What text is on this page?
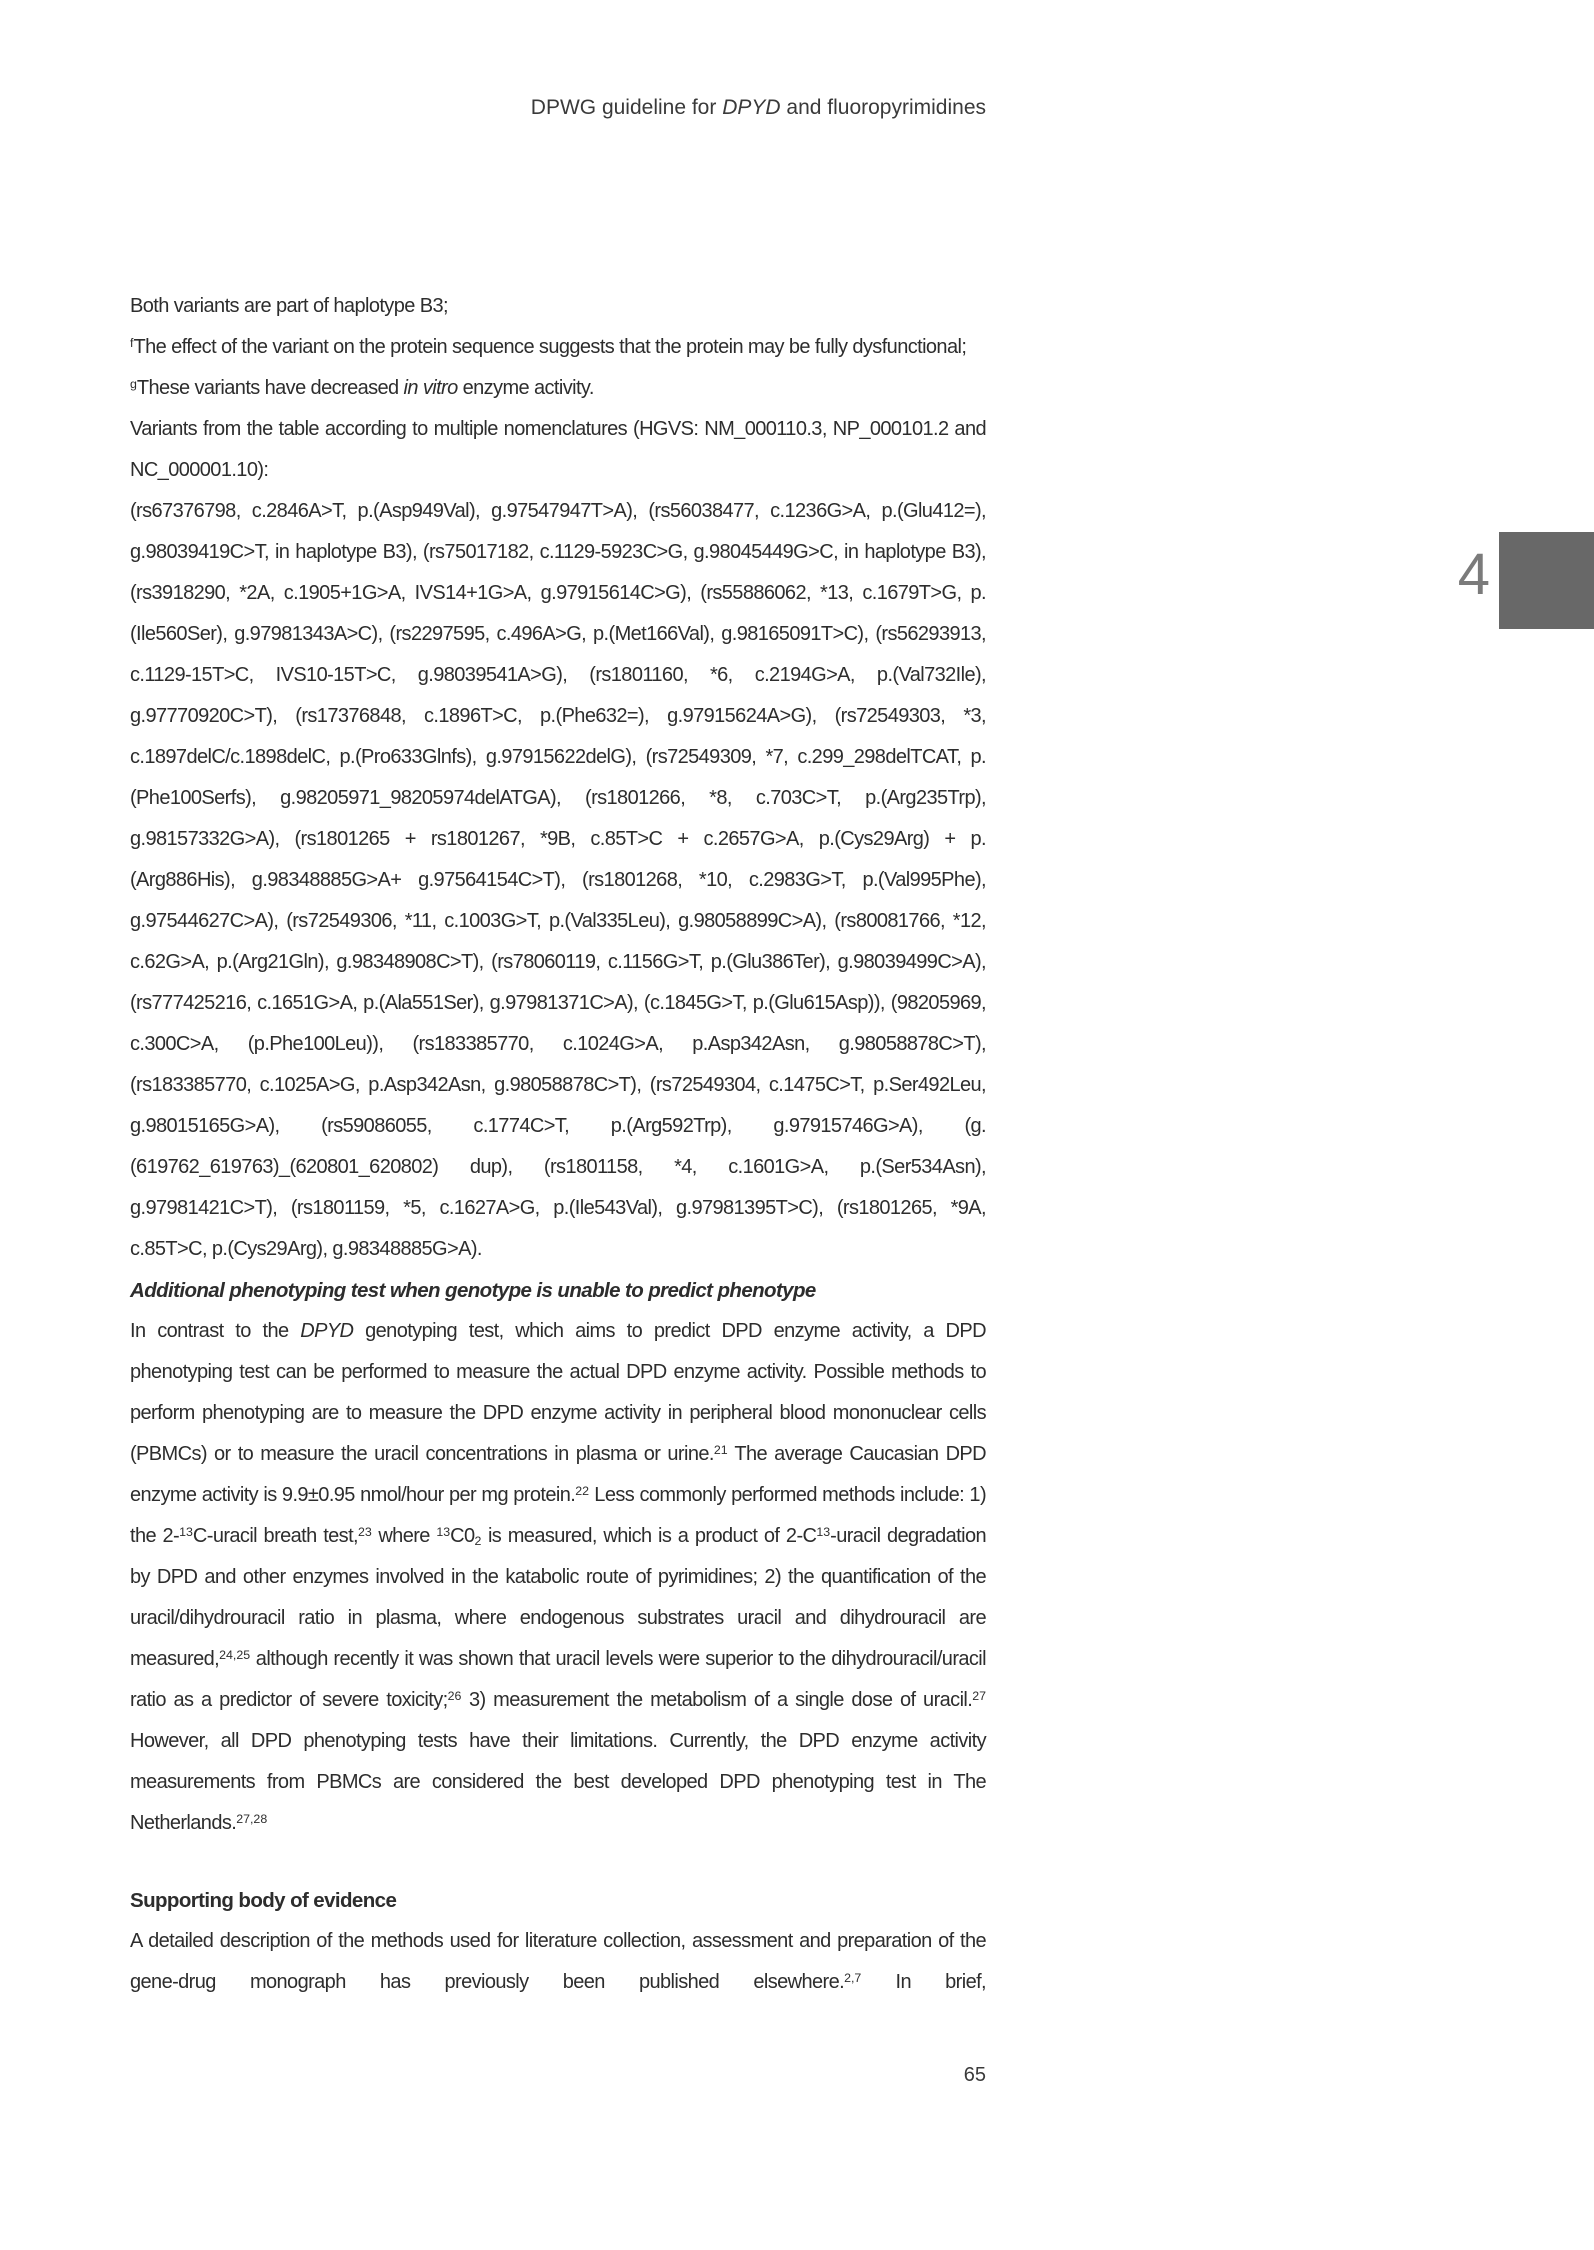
DPWG guideline for DPYD and fluoropyrimidines
4

Both variants are part of haplotype B3;

$^f$The effect of the variant on the protein sequence suggests that the protein may be fully dysfunctional;

$^g$These variants have decreased in vitro enzyme activity.

Variants from the table according to multiple nomenclatures (HGVS: NM_000110.3, NP_000101.2 and NC_000001.10):

(rs67376798, c.2846A>T, p.(Asp949Val), g.97547947T>A), (rs56038477, c.1236G>A, p.(Glu412=), g.98039419C>T, in haplotype B3), (rs75017182, c.1129-5923C>G, g.98045449G>C, in haplotype B3), (rs3918290, *2A, c.1905+1G>A, IVS14+1G>A, g.97915614C>G), (rs55886062, *13, c.1679T>G, p.(Ile560Ser), g.97981343A>C), (rs2297595, c.496A>G, p.(Met166Val), g.98165091T>C), (rs56293913, c.1129-15T>C, IVS10-15T>C, g.98039541A>G), (rs1801160, *6, c.2194G>A, p.(Val732Ile), g.97770920C>T), (rs17376848, c.1896T>C, p.(Phe632=), g.97915624A>G), (rs72549303, *3, c.1897delC/c.1898delC, p.(Pro633Glnfs), g.97915622delG), (rs72549309, *7, c.299_298delTCAT, p.(Phe100Serfs), g.98205971_98205974delATGA), (rs1801266, *8, c.703C>T, p.(Arg235Trp), g.98157332G>A), (rs1801265 + rs1801267, *9B, c.85T>C + c.2657G>A, p.(Cys29Arg) + p.(Arg886His), g.98348885G>A+ g.97564154C>T), (rs1801268, *10, c.2983G>T, p.(Val995Phe), g.97544627C>A), (rs72549306, *11, c.1003G>T, p.(Val335Leu), g.98058899C>A), (rs80081766, *12, c.62G>A, p.(Arg21Gln), g.98348908C>T), (rs78060119, c.1156G>T, p.(Glu386Ter), g.98039499C>A), (rs777425216, c.1651G>A, p.(Ala551Ser), g.97981371C>A), (c.1845G>T, p.(Glu615Asp)), (98205969, c.300C>A, (p.Phe100Leu)), (rs183385770, c.1024G>A, p.Asp342Asn, g.98058878C>T), (rs183385770, c.1025A>G, p.Asp342Asn, g.98058878C>T), (rs72549304, c.1475C>T, p.Ser492Leu, g.98015165G>A), (rs59086055, c.1774C>T, p.(Arg592Trp), g.97915746G>A), (g.(619762_619763)_(620801_620802) dup), (rs1801158, *4, c.1601G>A, p.(Ser534Asn), g.97981421C>T), (rs1801159, *5, c.1627A>G, p.(Ile543Val), g.97981395T>C), (rs1801265, *9A, c.85T>C, p.(Cys29Arg), g.98348885G>A).

Additional phenotyping test when genotype is unable to predict phenotype

In contrast to the DPYD genotyping test, which aims to predict DPD enzyme activity, a DPD phenotyping test can be performed to measure the actual DPD enzyme activity. Possible methods to perform phenotyping are to measure the DPD enzyme activity in peripheral blood mononuclear cells (PBMCs) or to measure the uracil concentrations in plasma or urine.$^{21}$ The average Caucasian DPD enzyme activity is 9.9±0.95 nmol/hour per mg protein.$^{22}$ Less commonly performed methods include: 1) the 2-$^{13}$C-uracil breath test,$^{23}$ where $^{13}C0_2$ is measured, which is a product of $2-C^{13}$-uracil degradation by DPD and other enzymes involved in the katabolic route of pyrimidines; 2) the quantification of the uracil/dihydrouracil ratio in plasma, where endogenous substrates uracil and dihydrouracil are measured,$^{24,25}$ although recently it was shown that uracil levels were superior to the dihydrouracil/uracil ratio as a predictor of severe toxicity;$^{26}$ 3) measurement the metabolism of a single dose of uracil.$^{27}$ However, all DPD phenotyping tests have their limitations. Currently, the DPD enzyme activity measurements from PBMCs are considered the best developed DPD phenotyping test in The Netherlands.$^{27,28}$

Supporting body of evidence

A detailed description of the methods used for literature collection, assessment and preparation of the gene-drug monograph has previously been published elsewhere.$^{2,7}$ In brief,

65
